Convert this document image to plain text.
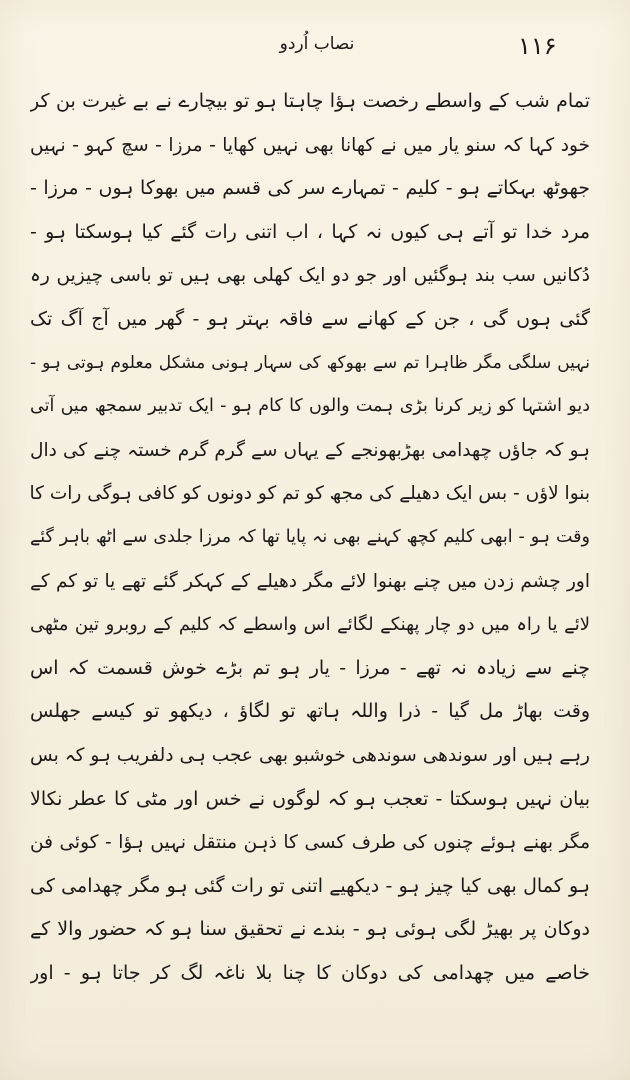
نصاب اُردو	۱۱۶
تمام شب کے واسطے رخصت ہؤا چاہتا ہو تو بیچارے نے بے غیرت بن کر
خود کہا کہ سنو یار میں نے کھانا بھی نہیں کھایا - مرزا - سچ کہو - نہیں
جھوٹھ بہکاتے ہو - کلیم - تمہارے سر کی قسم میں بھوکا ہوں - مرزا -
مرد خدا تو آتے ہی کیوں نہ کہا ، اب اتنی رات گئے کیا ہوسکتا ہو -
دُکانیں سب بند ہوگئیں اور جو دو ایک کھلی بھی ہیں تو باسی چیزیں رہ
گئی ہوں گی ، جن کے کھانے سے فاقہ بہتر ہو - گھر میں آج آگ تک
نہیں سلگی مگر ظاہرا تم سے بھوکھ کی سہار ہونی مشکل معلوم ہوتی ہو -
دیو اشتہا کو زیر کرنا بڑی ہمت والوں کا کام ہو - ایک تدبیر سمجھ میں آتی
ہو کہ جاؤں چھدامی بھڑبھونجے کے یہاں سے گرم گرم خستہ چنے کی دال
بنوا لاؤں - بس ایک دھیلے کی مجھ کو تم کو دونوں کو کافی ہوگی رات کا
وقت ہو - ابھی کلیم کچھ کہنے بھی نہ پایا تھا کہ مرزا جلدی سے اٹھ باہر گئے
اور چشم زدن میں چنے بھنوا لائے مگر دھیلے کے کہکر گئے تھے یا تو کم کے
لائے یا راہ میں دو چار پھنکے لگائے اس واسطے کہ کلیم کے روبرو تین مٹھی
چنے سے زیادہ نہ تھے - مرزا - یار ہو تم بڑے خوش قسمت کہ اس
وقت بھاڑ مل گیا - ذرا واللہ ہاتھ تو لگاؤ ، دیکھو تو کیسے جھلس
رہے ہیں اور سوندھی سوندھی خوشبو بھی عجب ہی دلفریب ہو کہ بس
بیان نہیں ہوسکتا - تعجب ہو کہ لوگوں نے خس اور مٹی کا عطر نکالا
مگر بھنے ہوئے چنوں کی طرف کسی کا ذہن منتقل نہیں ہؤا - کوئی فن
ہو کمال بھی کیا چیز ہو - دیکھیے اتنی تو رات گئی ہو مگر چھدامی کی
دوکان پر بھیڑ لگی ہوئی ہو - بندے نے تحقیق سنا ہو کہ حضور والا کے
خاصے میں چھدامی کی دوکان کا چنا بلا ناغہ لگ کر جاتا ہو - اور
